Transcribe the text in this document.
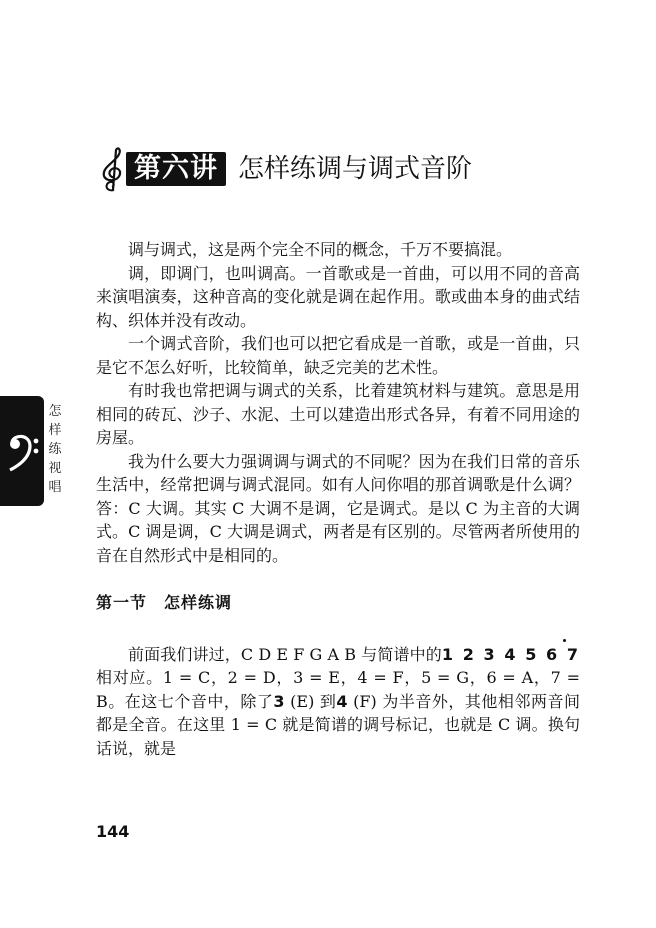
第六讲 怎样练调与调式音阶
怎
样
练
视
唱

调与调式，这是两个完全不同的概念，千万不要搞混。

调，即调门，也叫调高。一首歌或是一首曲，可以用不同的音高来演唱演奏，这种音高的变化就是调在起作用。歌或曲本身的曲式结构、织体并没有改动。

一个调式音阶，我们也可以把它看成是一首歌，或是一首曲，只是它不怎么好听，比较简单，缺乏完美的艺术性。

有时我也常把调与调式的关系，比着建筑材料与建筑。意思是用相同的砖瓦、沙子、水泥、土可以建造出形式各异，有着不同用途的房屋。

我为什么要大力强调调与调式的不同呢？因为在我们日常的音乐生活中，经常把调与调式混同。如有人问你唱的那首调歌是什么调？答：C 大调。其实 C 大调不是调，它是调式。是以 C 为主音的大调式。C 调是调，C 大调是调式，两者是有区别的。尽管两者所使用的音在自然形式中是相同的。

第一节　怎样练调

前面我们讲过，C D E F G A B 与简谱中的1 2 3 4 5 6 7
相对应。1 = C，2 = D，3 = E，4 = F，5 = G，6 = A，7 = B。在这七个音中，除了3 (E) 到4 (F) 为半音外，其他相邻两音间都是全音。在这里 1 = C 就是简谱的调号标记，也就是 C 调。换句话说，就是

144
